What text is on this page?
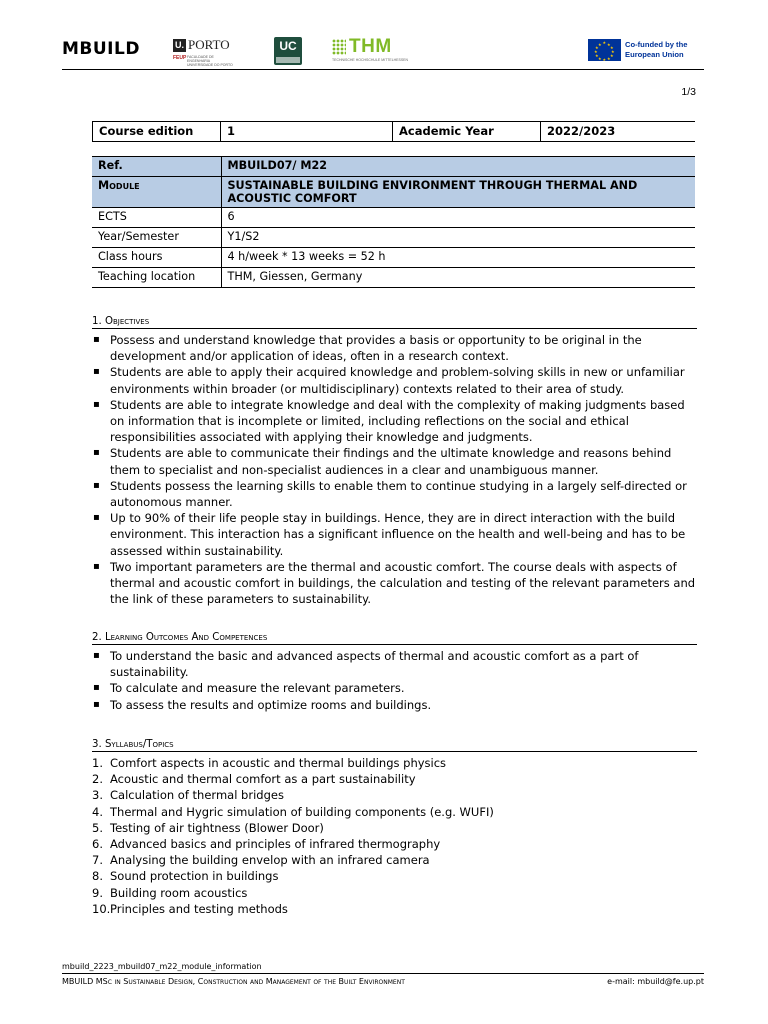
MBUILD	U. PORTO
FEUP FACULDADE DE ENGENHARIA UNIVERSIDADE DO PORTO
UC	THM
TECHNISCHE HOCHSCHULE MITTELHESSEN
★ ★
★
★
★
★
★
★
★
★
★
★	Co-funded by the
European Union
1/3
Course edition	1	Academic Year	2022/2023
Ref.	MBUILD07/ M22
Module	SUSTAINABLE BUILDING ENVIRONMENT THROUGH THERMAL AND ACOUSTIC COMFORT
ECTS	6
Year/Semester	Y1/S2
Class hours	4 h/week * 13 weeks = 52 h
Teaching location	THM, Giessen, Germany
1. Objectives
▪ Possess and understand knowledge that provides a basis or opportunity to be original in the development and/or application of ideas, often in a research context.
▪ Students are able to apply their acquired knowledge and problem-solving skills in new or unfamiliar environments within broader (or multidisciplinary) contexts related to their area of study.
▪ Students are able to integrate knowledge and deal with the complexity of making judgments based on information that is incomplete or limited, including reflections on the social and ethical responsibilities associated with applying their knowledge and judgments.
▪ Students are able to communicate their findings and the ultimate knowledge and reasons behind them to specialist and non-specialist audiences in a clear and unambiguous manner.
▪ Students possess the learning skills to enable them to continue studying in a largely self-directed or autonomous manner.
▪ Up to 90% of their life people stay in buildings. Hence, they are in direct interaction with the build environment. This interaction has a significant influence on the health and well-being and has to be assessed within sustainability.
▪ Two important parameters are the thermal and acoustic comfort. The course deals with aspects of thermal and acoustic comfort in buildings, the calculation and testing of the relevant parameters and the link of these parameters to sustainability.
2. Learning Outcomes And Competences
▪ To understand the basic and advanced aspects of thermal and acoustic comfort as a part of sustainability.
▪ To calculate and measure the relevant parameters.
▪ To assess the results and optimize rooms and buildings.
3. Syllabus/Topics
1. Comfort aspects in acoustic and thermal buildings physics
2. Acoustic and thermal comfort as a part sustainability
3. Calculation of thermal bridges
4. Thermal and Hygric simulation of building components (e.g. WUFI)
5. Testing of air tightness (Blower Door)
6. Advanced basics and principles of infrared thermography
7. Analysing the building envelop with an infrared camera
8. Sound protection in buildings
9. Building room acoustics
10. Principles and testing methods
mbuild_2223_mbuild07_m22_module_information
MBUILD MSc in Sustainable Design, Construction and Management of the Built Environment	e-mail: mbuild@fe.up.pt
